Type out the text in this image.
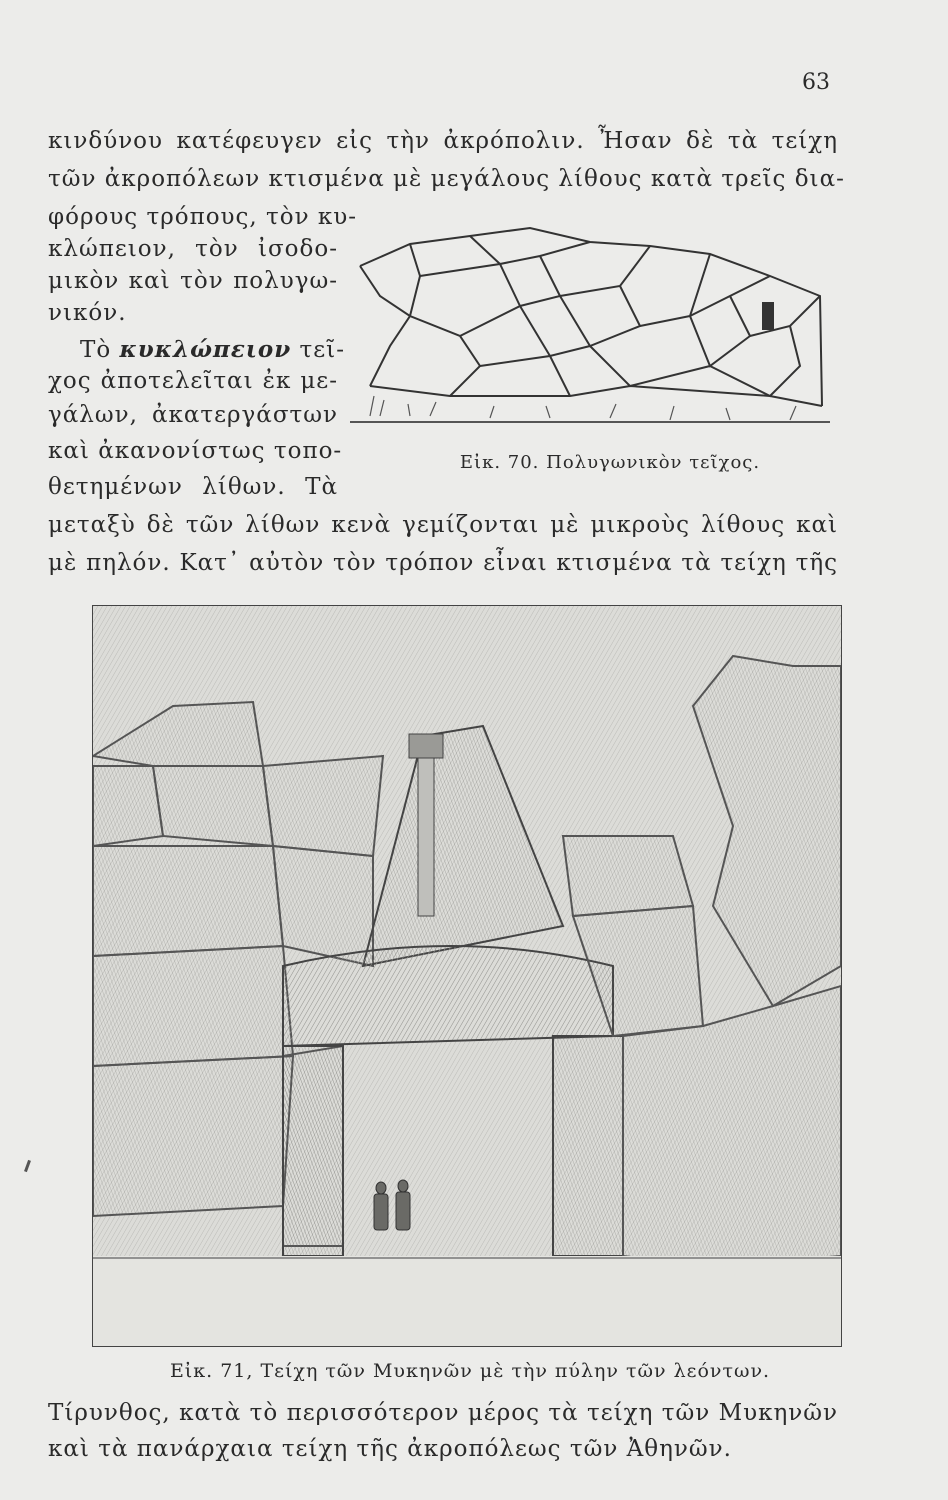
63
κινδύνου κατέφευγεν εἰς τὴν ἀκρόπολιν. Ἦσαν δὲ τὰ τείχη
τῶν ἀκροπόλεων κτισμένα μὲ μεγάλους λίθους κατὰ τρεῖς δια-
φόρους τρόπους, τὸν κυ-
κλώπειον, τὸν ἰσοδο-
μικὸν καὶ τὸν πολυγω-
νικόν.
Τὸ κυκλώπειον τεῖ-
χος ἀποτελεῖται ἐκ με-
γάλων, ἀκατεργάστων
καὶ ἀκανονίστως τοπο-
θετημένων λίθων. Τὰ
Εἰκ. 70. Πολυγωνικὸν τεῖχος.
μεταξὺ δὲ τῶν λίθων κενὰ γεμίζονται μὲ μικροὺς λίθους καὶ
μὲ πηλόν. Κατ᾿ αὐτὸν τὸν τρόπον εἶναι κτισμένα τὰ τείχη τῆς
Εἰκ. 71, Τείχη τῶν Μυκηνῶν μὲ τὴν πύλην τῶν λεόντων.
Τίρυνθος, κατὰ τὸ περισσότερον μέρος τὰ τείχη τῶν Μυκηνῶν
καὶ τὰ πανάρχαια τείχη τῆς ἀκροπόλεως τῶν Ἀθηνῶν.
